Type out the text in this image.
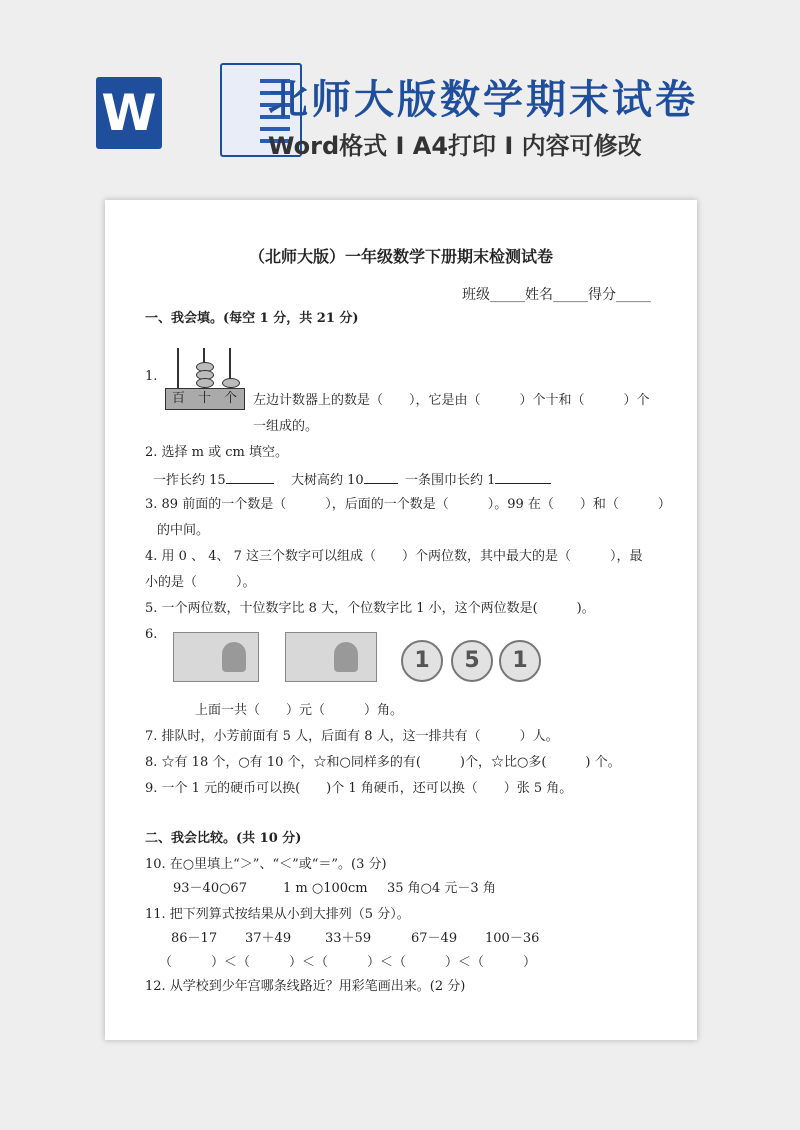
W	北师大版数学期末试卷
Word格式 I A4打印 I 内容可修改
（北师大版）一年级数学下册期末检测试卷
班级_____姓名_____得分_____
一、我会填。(每空 1 分，共 21 分)
1.
百 十 个 左边计数器上的数是（　　），它是由（　　　）个十和（　　　）个
一组成的。
2. 选择 m 或 cm 填空。
一拃长约 15	大树高约 10	一条围巾长约 1
3. 89 前面的一个数是（　　　），后面的一个数是（　　　）。99 在（　　）和（　　　）
的中间。
4. 用 0 、 4、 7 这三个数字可以组成（　　）个两位数，其中最大的是（　　　），最
小的是（　　　）。
5. 一个两位数，十位数字比 8 大，个位数字比 1 小，这个两位数是(　　　)。
6.
1	5	1
上面一共（　　）元（　　　）角。
7. 排队时，小芳前面有 5 人，后面有 8 人，这一排共有（　　　）人。
8. ☆有 18 个，○有 10 个，☆和○同样多的有(　　　)个，☆比○多(　　　) 个。
9. 一个 1 元的硬币可以换(　　)个 1 角硬币，还可以换（　　）张 5 角。
二、我会比较。(共 10 分)
10. 在○里填上“＞”、“＜”或“＝”。(3 分)
93－40○67	1 m ○100cm 35 角○4 元－3 角
11. 把下列算式按结果从小到大排列（5 分）。
86－17 37＋49	33＋59	67－49 100－36
（　　　）＜（　　　）＜（　　　）＜（　　　）＜（　　　）
12. 从学校到少年宫哪条线路近？用彩笔画出来。(2 分)
